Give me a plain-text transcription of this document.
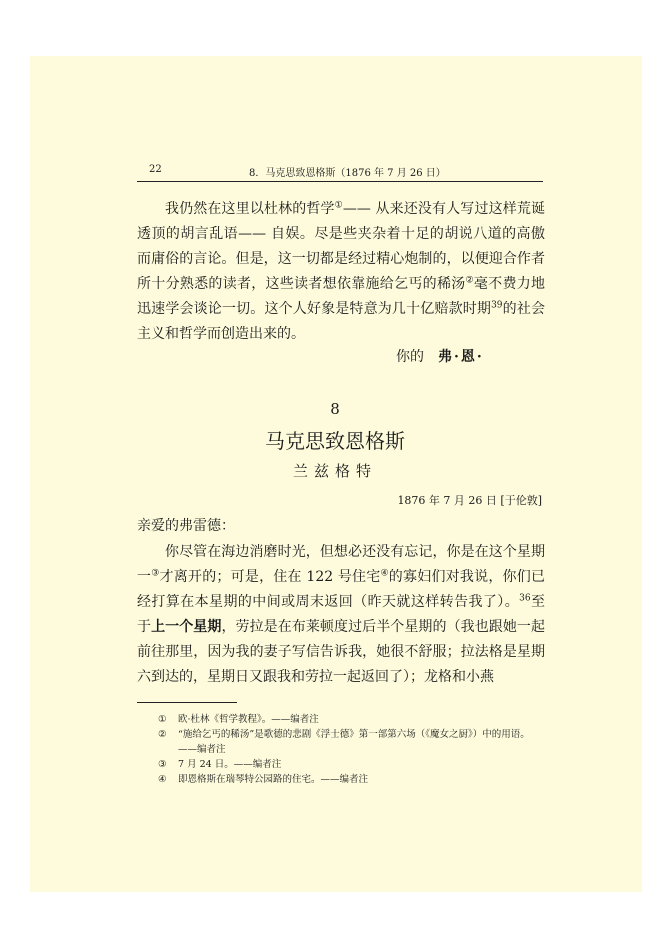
22	8．马克思致恩格斯（1876 年 7 月 26 日）
我仍然在这里以杜林的哲学①—— 从来还没有人写过这样荒诞透顶的胡言乱语—— 自娱。尽是些夹杂着十足的胡说八道的高傲而庸俗的言论。但是，这一切都是经过精心炮制的，以便迎合作者所十分熟悉的读者，这些读者想依靠施给乞丐的稀汤②毫不费力地迅速学会谈论一切。这个人好象是特意为几十亿赔款时期$^{39}$的社会主义和哲学而创造出来的。
你的 弗·恩·
8
马克思致恩格斯
兰兹格特
1876 年 7 月 26 日 [于伦敦]
亲爱的弗雷德：
你尽管在海边消磨时光，但想必还没有忘记，你是在这个星期一③才离开的；可是，住在 122 号住宅④的寡妇们对我说，你们已经打算在本星期的中间或周末返回（昨天就这样转告我了）。$^{36}$至于上一个星期，劳拉是在布莱顿度过后半个星期的（我也跟她一起前往那里，因为我的妻子写信告诉我，她很不舒服；拉法格是星期六到达的，星期日又跟我和劳拉一起返回了）；龙格和小燕
① 欧·杜林《哲学教程》。——编者注
② “施给乞丐的稀汤”是歌德的悲剧《浮士德》第一部第六场（《魔女之厨》）中的用语。——编者注
③ 7 月 24 日。——编者注
④ 即恩格斯在瑞琴特公园路的住宅。——编者注
